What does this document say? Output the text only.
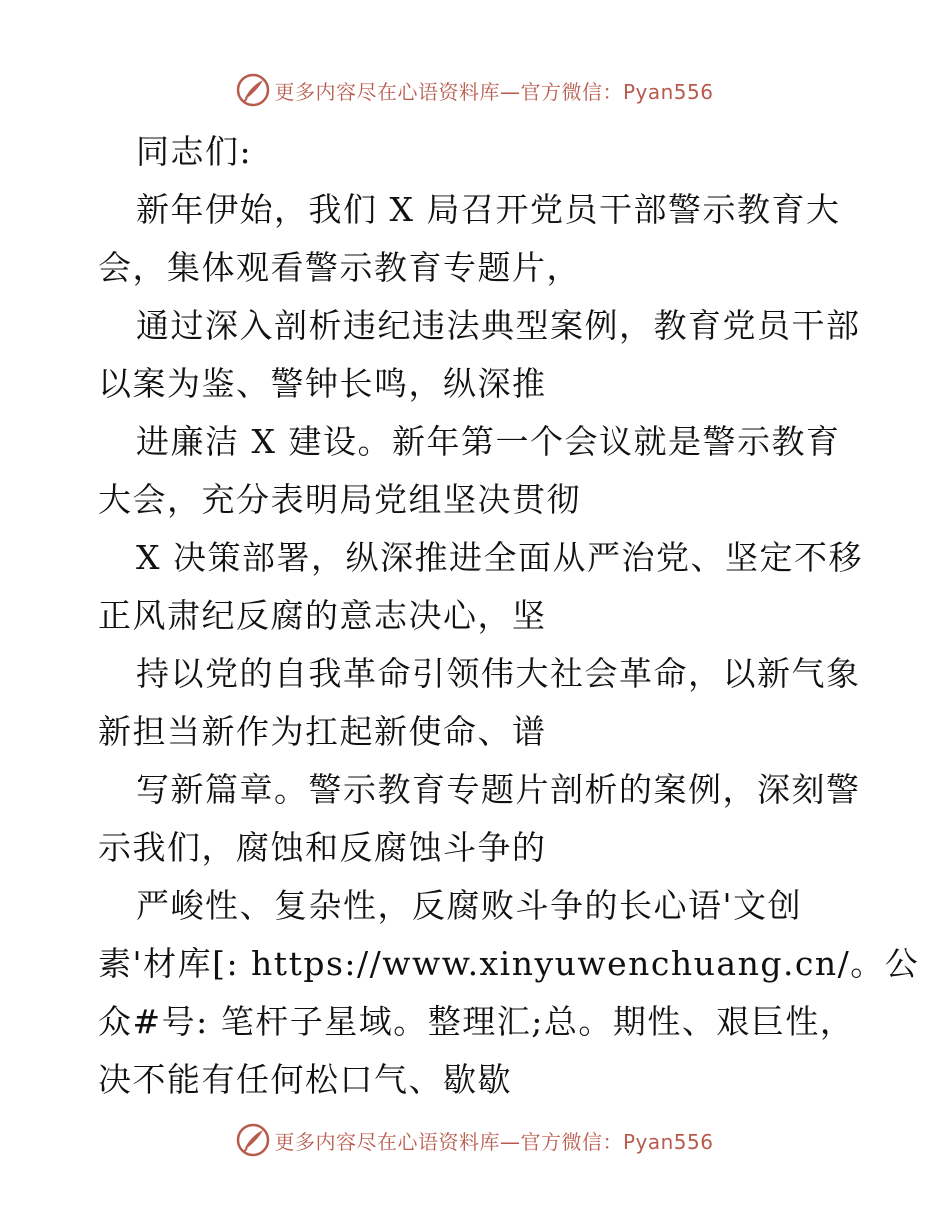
更多内容尽在心语资料库—官方微信：Pyan556
同志们:
新年伊始，我们 X 局召开党员干部警示教育大
会，集体观看警示教育专题片，
通过深入剖析违纪违法典型案例，教育党员干部
以案为鉴、警钟长鸣，纵深推
进廉洁 X 建设。新年第一个会议就是警示教育
大会，充分表明局党组坚决贯彻
X 决策部署，纵深推进全面从严治党、坚定不移
正风肃纪反腐的意志决心，坚
持以党的自我革命引领伟大社会革命，以新气象
新担当新作为扛起新使命、谱
写新篇章。警示教育专题片剖析的案例，深刻警
示我们，腐蚀和反腐蚀斗争的
严峻性、复杂性，反腐败斗争的长心语'文创
素'材库[: https://www.xinyuwenchuang.cn/。公
众#号: 笔杆子星域。整理汇;总。期性、艰巨性，
决不能有任何松口气、歇歇
更多内容尽在心语资料库—官方微信：Pyan556
